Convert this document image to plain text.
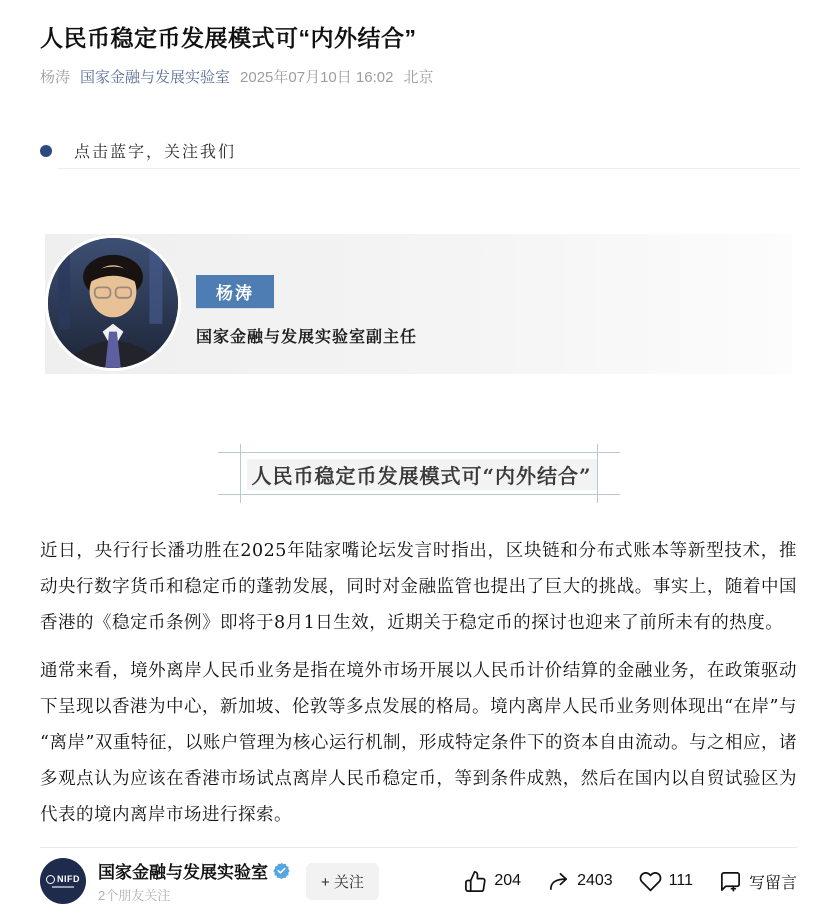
人民币稳定币发展模式可“内外结合”
杨涛 国家金融与发展实验室 2025年07月10日 16:02 北京
点击蓝字，关注我们
杨涛
国家金融与发展实验室副主任
人民币稳定币发展模式可“内外结合”

近日，央行行长潘功胜在2025年陆家嘴论坛发言时指出，区块链和分布式账本等新型技术，推动央行数字货币和稳定币的蓬勃发展，同时对金融监管也提出了巨大的挑战。事实上，随着中国香港的《稳定币条例》即将于8月1日生效，近期关于稳定币的探讨也迎来了前所未有的热度。

通常来看，境外离岸人民币业务是指在境外市场开展以人民币计价结算的金融业务，在政策驱动下呈现以香港为中心，新加坡、伦敦等多点发展的格局。境内离岸人民币业务则体现出“在岸”与“离岸”双重特征，以账户管理为核心运行机制，形成特定条件下的资本自由流动。与之相应，诸多观点认为应该在香港市场试点离岸人民币稳定币，等到条件成熟，然后在国内以自贸试验区为代表的境内离岸市场进行探索。

NIFD 国家金融与发展实验室
2个朋友关注
+ 关注	204	2403	111	写留言
